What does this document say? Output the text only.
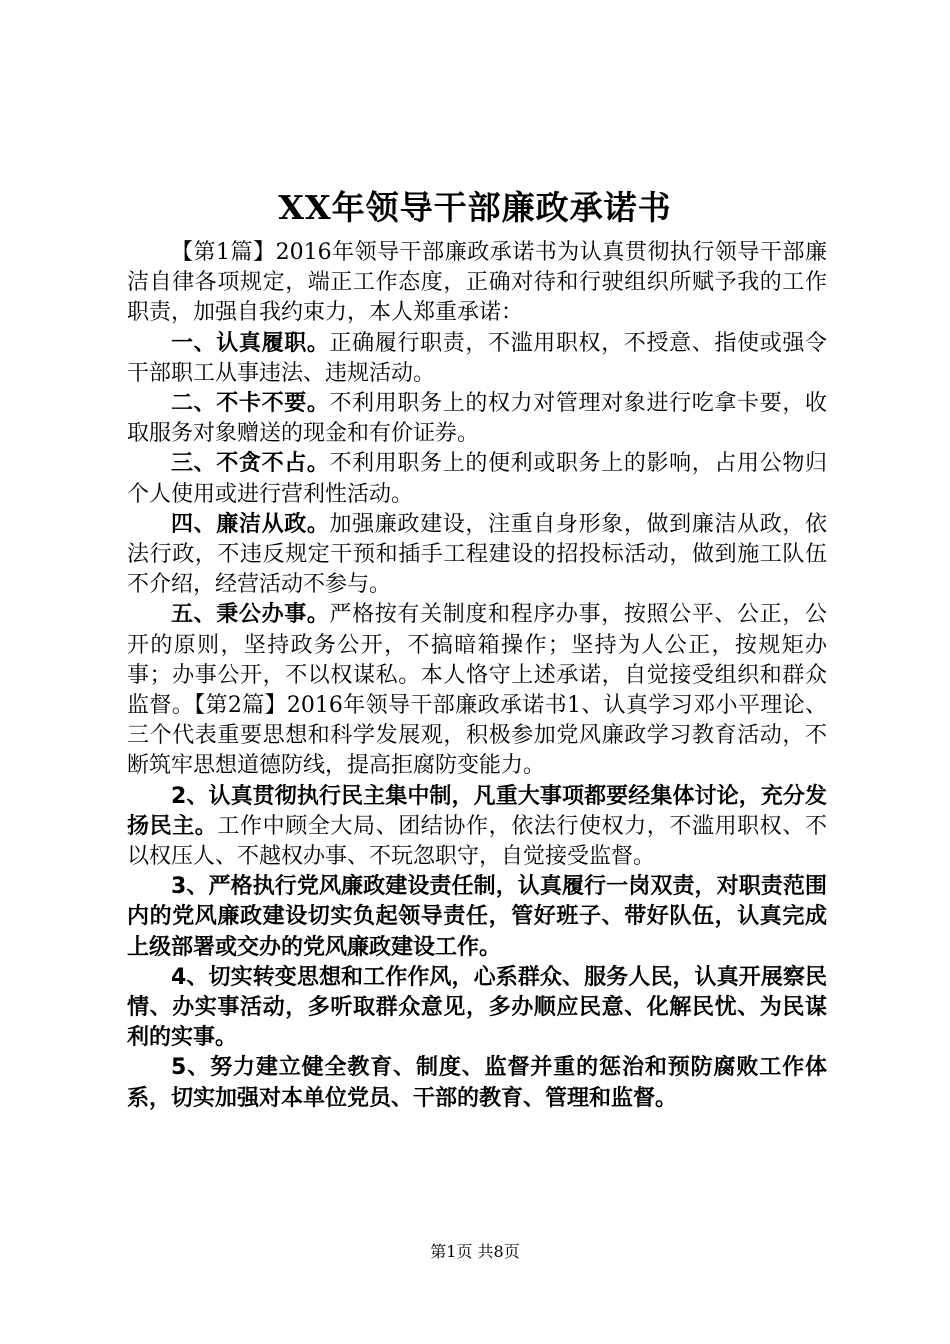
XX年领导干部廉政承诺书

【第1篇】2016年领导干部廉政承诺书为认真贯彻执行领导干部廉洁自律各项规定，端正工作态度，正确对待和行驶组织所赋予我的工作职责，加强自我约束力，本人郑重承诺：

一、认真履职。正确履行职责，不滥用职权，不授意、指使或强令干部职工从事违法、违规活动。

二、不卡不要。不利用职务上的权力对管理对象进行吃拿卡要，收取服务对象赠送的现金和有价证券。

三、不贪不占。不利用职务上的便利或职务上的影响，占用公物归个人使用或进行营利性活动。

四、廉洁从政。加强廉政建设，注重自身形象，做到廉洁从政，依法行政，不违反规定干预和插手工程建设的招投标活动，做到施工队伍不介绍，经营活动不参与。

五、秉公办事。严格按有关制度和程序办事，按照公平、公正，公开的原则，坚持政务公开，不搞暗箱操作；坚持为人公正，按规矩办事；办事公开，不以权谋私。本人恪守上述承诺，自觉接受组织和群众监督。【第2篇】2016年领导干部廉政承诺书1、认真学习邓小平理论、三个代表重要思想和科学发展观，积极参加党风廉政学习教育活动，不断筑牢思想道德防线，提高拒腐防变能力。

2、认真贯彻执行民主集中制，凡重大事项都要经集体讨论，充分发扬民主。工作中顾全大局、团结协作，依法行使权力，不滥用职权、不以权压人、不越权办事、不玩忽职守，自觉接受监督。

3、严格执行党风廉政建设责任制，认真履行一岗双责，对职责范围内的党风廉政建设切实负起领导责任，管好班子、带好队伍，认真完成上级部署或交办的党风廉政建设工作。

4、切实转变思想和工作作风，心系群众、服务人民，认真开展察民情、办实事活动，多听取群众意见，多办顺应民意、化解民忧、为民谋利的实事。

5、努力建立健全教育、制度、监督并重的惩治和预防腐败工作体系，切实加强对本单位党员、干部的教育、管理和监督。

第1页 共8页
